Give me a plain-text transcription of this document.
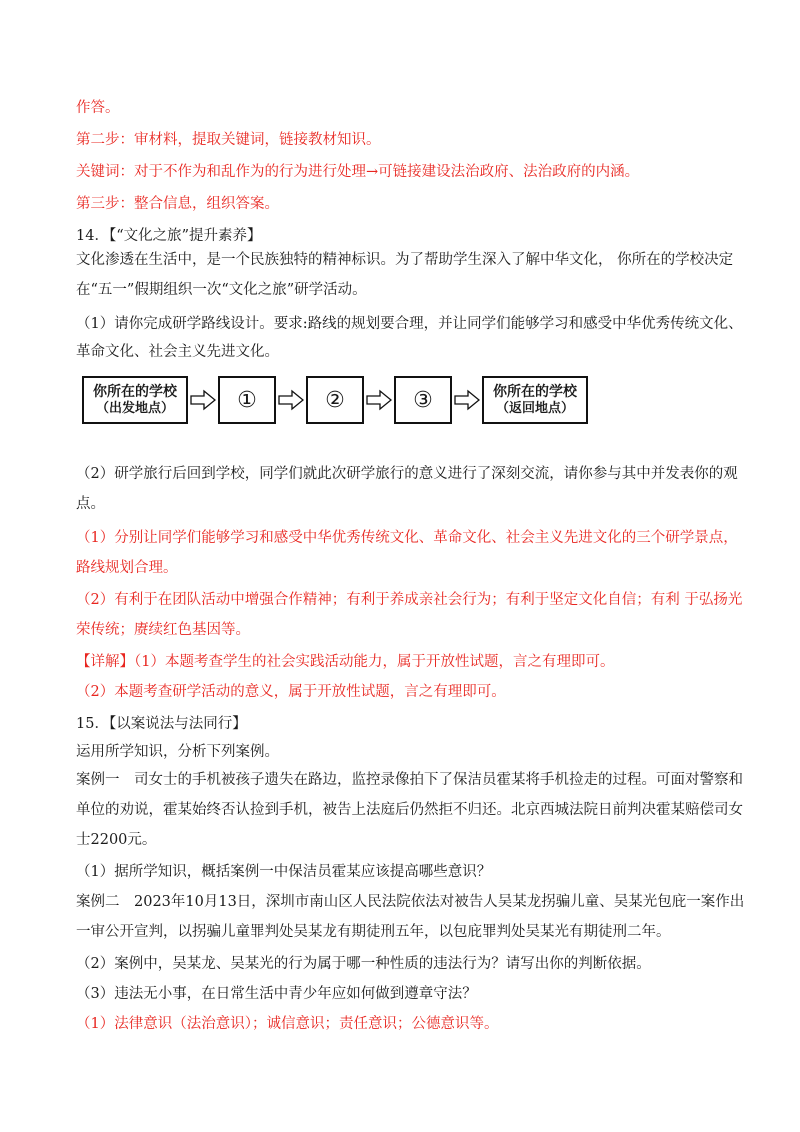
作答。
第二步：审材料，提取关键词，链接教材知识。
关键词：对于不作为和乱作为的行为进行处理→可链接建设法治政府、法治政府的内涵。
第三步：整合信息，组织答案。
14．【“文化之旅”提升素养】
文化渗透在生活中，是一个民族独特的精神标识。为了帮助学生深入了解中华文化， 你所在的学校决定
在“五一”假期组织一次“文化之旅”研学活动。
（1）请你完成研学路线设计。要求:路线的规划要合理，并让同学们能够学习和感受中华优秀传统文化、
革命文化、社会主义先进文化。
你所在的学校
（出发地点）	①	②	③	你所在的学校
（返回地点）
（2）研学旅行后回到学校，同学们就此次研学旅行的意义进行了深刻交流，请你参与其中并发表你的观
点。
（1）分别让同学们能够学习和感受中华优秀传统文化、革命文化、社会主义先进文化的三个研学景点，
路线规划合理。
（2）有利于在团队活动中增强合作精神；有利于养成亲社会行为；有利于坚定文化自信；有利 于弘扬光
荣传统；赓续红色基因等。
【详解】（1）本题考查学生的社会实践活动能力，属于开放性试题，言之有理即可。
（2）本题考查研学活动的意义，属于开放性试题，言之有理即可。
15．【以案说法与法同行】
运用所学知识，分析下列案例。
案例一　司女士的手机被孩子遗失在路边，监控录像拍下了保洁员霍某将手机捡走的过程。可面对警察和
单位的劝说，霍某始终否认捡到手机，被告上法庭后仍然拒不归还。北京西城法院日前判决霍某赔偿司女
士2200元。
（1）据所学知识，概括案例一中保洁员霍某应该提高哪些意识？
案例二　2023年10月13日，深圳市南山区人民法院依法对被告人吴某龙拐骗儿童、吴某光包庇一案作出
一审公开宣判，以拐骗儿童罪判处吴某龙有期徒刑五年，以包庇罪判处吴某光有期徒刑二年。
（2）案例中，吴某龙、吴某光的行为属于哪一种性质的违法行为？请写出你的判断依据。
（3）违法无小事，在日常生活中青少年应如何做到遵章守法？
（1）法律意识（法治意识）；诚信意识；责任意识；公德意识等。
